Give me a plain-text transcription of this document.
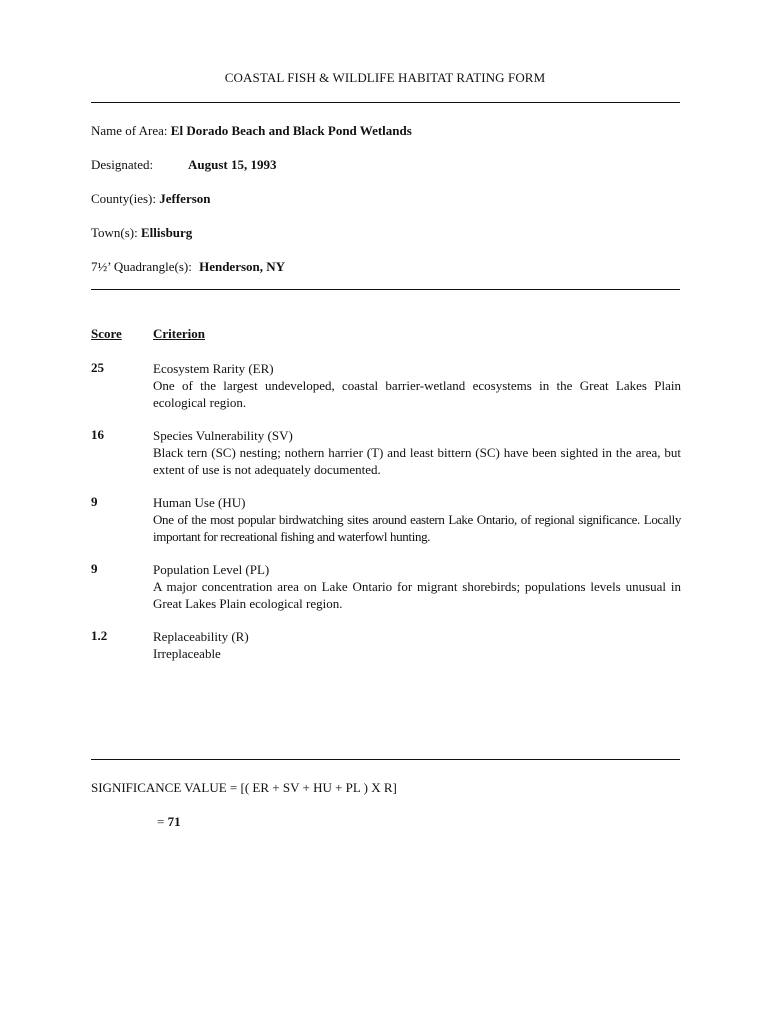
COASTAL FISH & WILDLIFE HABITAT RATING FORM
Name of Area: El Dorado Beach and Black Pond Wetlands
Designated:	August 15, 1993
County(ies): Jefferson
Town(s): Ellisburg
7½’ Quadrangle(s): Henderson, NY
Score Criterion
25	Ecosystem Rarity (ER)
One of the largest undeveloped, coastal barrier-wetland ecosystems in the Great Lakes Plain ecological region.
16	Species Vulnerability (SV)
Black tern (SC) nesting; nothern harrier (T) and least bittern (SC) have been sighted in the area, but extent of use is not adequately documented.
9	Human Use (HU)
One of the most popular birdwatching sites around eastern Lake Ontario, of regional significance. Locally important for recreational fishing and waterfowl hunting.
9	Population Level (PL)
A major concentration area on Lake Ontario for migrant shorebirds; populations levels unusual in Great Lakes Plain ecological region.
1.2	Replaceability (R)
Irreplaceable
SIGNIFICANCE VALUE = [( ER + SV + HU + PL ) X R]
= 71
